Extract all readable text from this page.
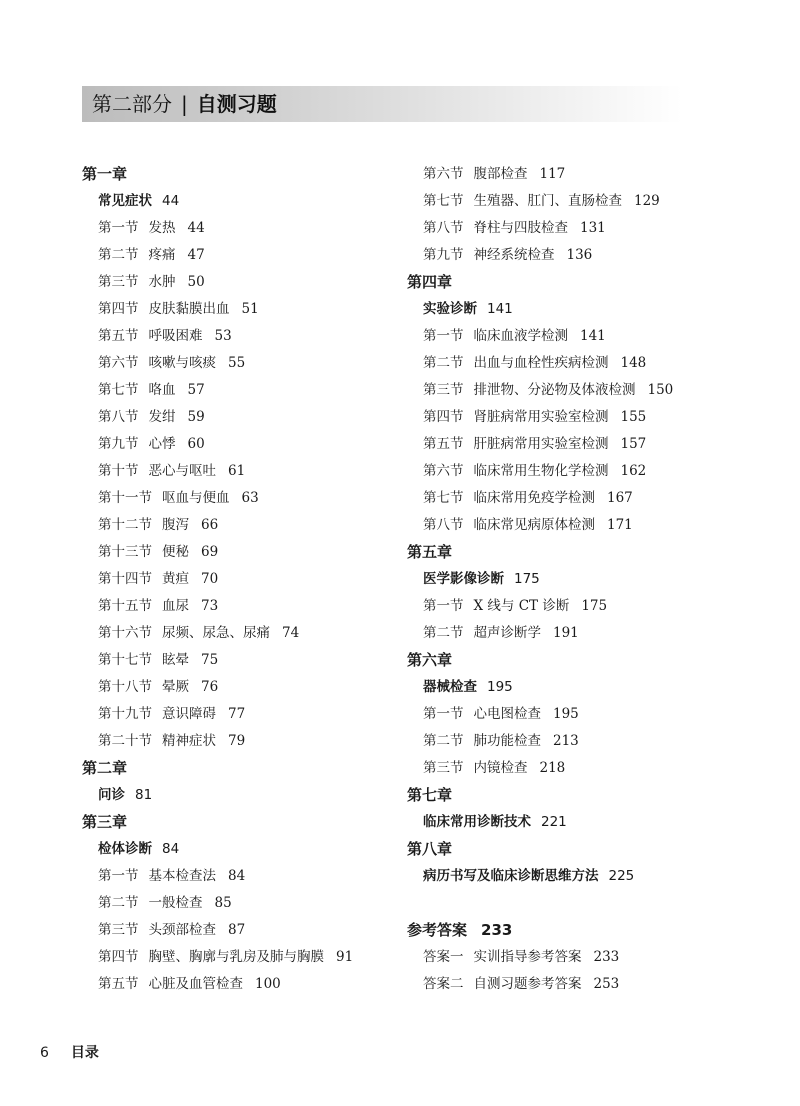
第二部分 | 自测习题
第一章
常见症状 44
第一节 发热 44
第二节 疼痛 47
第三节 水肿 50
第四节 皮肤黏膜出血 51
第五节 呼吸困难 53
第六节 咳嗽与咳痰 55
第七节 咯血 57
第八节 发绀 59
第九节 心悸 60
第十节 恶心与呕吐 61
第十一节 呕血与便血 63
第十二节 腹泻 66
第十三节 便秘 69
第十四节 黄疸 70
第十五节 血尿 73
第十六节 尿频、尿急、尿痛 74
第十七节 眩晕 75
第十八节 晕厥 76
第十九节 意识障碍 77
第二十节 精神症状 79
第二章
问诊 81
第三章
检体诊断 84
第一节 基本检查法 84
第二节 一般检查 85
第三节 头颈部检查 87
第四节 胸壁、胸廓与乳房及肺与胸膜 91
第五节 心脏及血管检查 100
第六节 腹部检查 117
第七节 生殖器、肛门、直肠检查 129
第八节 脊柱与四肢检查 131
第九节 神经系统检查 136
第四章
实验诊断 141
第一节 临床血液学检测 141
第二节 出血与血栓性疾病检测 148
第三节 排泄物、分泌物及体液检测 150
第四节 肾脏病常用实验室检测 155
第五节 肝脏病常用实验室检测 157
第六节 临床常用生物化学检测 162
第七节 临床常用免疫学检测 167
第八节 临床常见病原体检测 171
第五章
医学影像诊断 175
第一节 X 线与 CT 诊断 175
第二节 超声诊断学 191
第六章
器械检查 195
第一节 心电图检查 195
第二节 肺功能检查 213
第三节 内镜检查 218
第七章
临床常用诊断技术 221
第八章
病历书写及临床诊断思维方法 225
参考答案 233
答案一 实训指导参考答案 233
答案二 自测习题参考答案 253
6 目录
